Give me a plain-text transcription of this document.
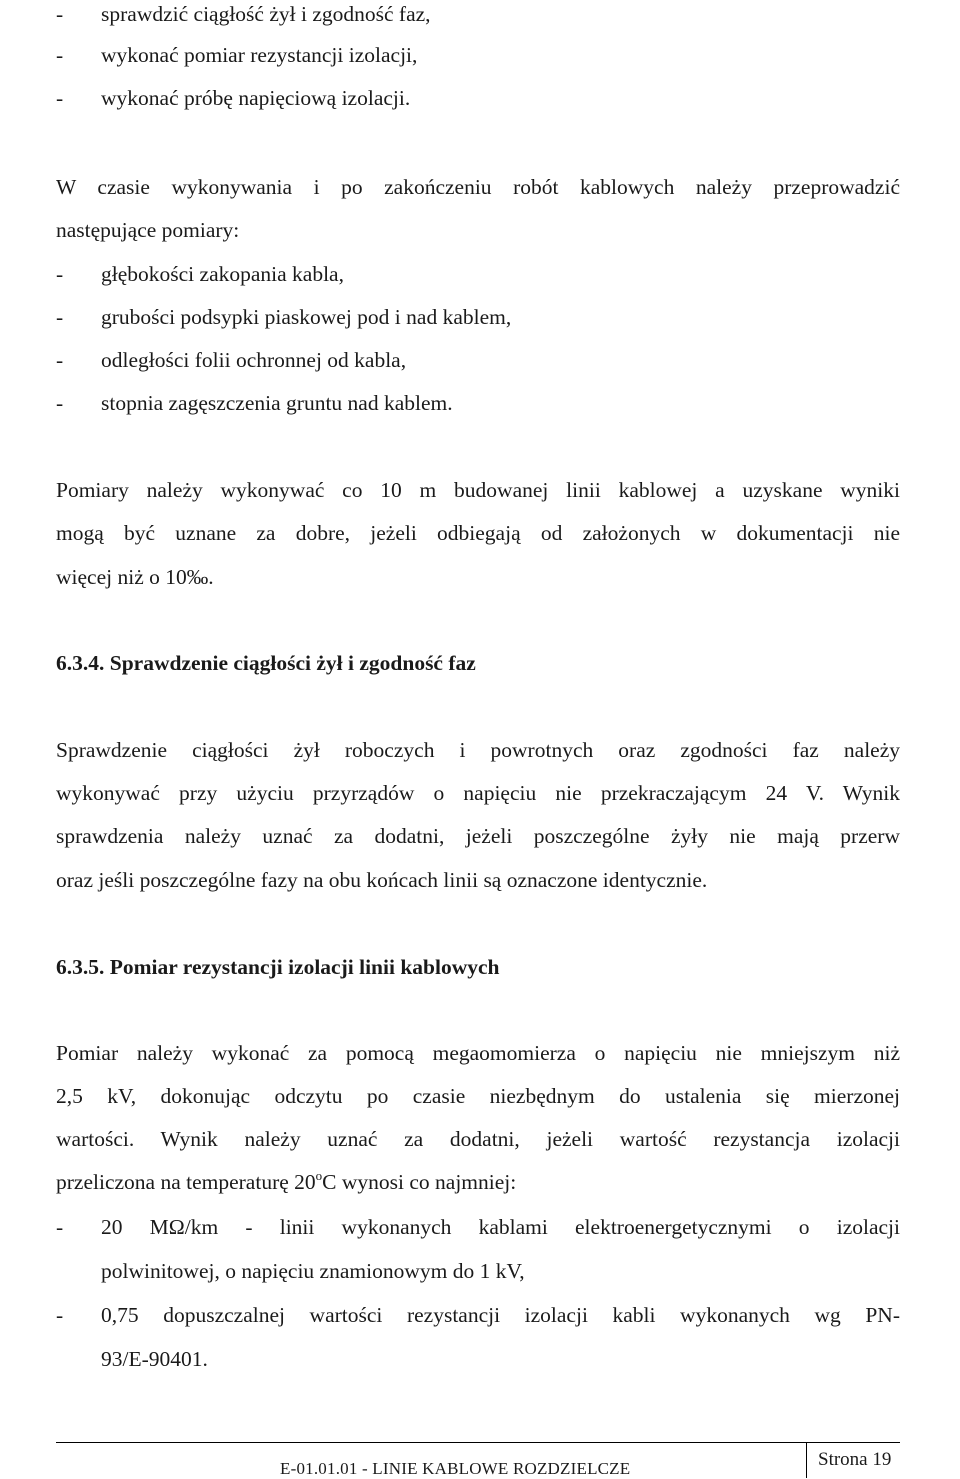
- sprawdzić ciągłość żył i zgodność faz,
- wykonać pomiar rezystancji izolacji,
- wykonać próbę napięciową izolacji.
W czasie wykonywania i po zakończeniu robót kablowych należy przeprowadzić
następujące pomiary:
- głębokości zakopania kabla,
- grubości podsypki piaskowej pod i nad kablem,
- odległości folii ochronnej od kabla,
- stopnia zagęszczenia gruntu nad kablem.
Pomiary należy wykonywać co 10 m budowanej linii kablowej a uzyskane wyniki
mogą być uznane za dobre, jeżeli odbiegają od założonych w dokumentacji nie
więcej niż o 10‰.
6.3.4. Sprawdzenie ciągłości żył i zgodność faz
Sprawdzenie ciągłości żył roboczych i powrotnych oraz zgodności faz należy
wykonywać przy użyciu przyrządów o napięciu nie przekraczającym 24 V. Wynik
sprawdzenia należy uznać za dodatni, jeżeli poszczególne żyły nie mają przerw
oraz jeśli poszczególne fazy na obu końcach linii są oznaczone identycznie.
6.3.5. Pomiar rezystancji izolacji linii kablowych
Pomiar należy wykonać za pomocą megaomomierza o napięciu nie mniejszym niż
2,5 kV, dokonując odczytu po czasie niezbędnym do ustalenia się mierzonej
wartości. Wynik należy uznać za dodatni, jeżeli wartość rezystancja izolacji
przeliczona na temperaturę 20$^o$C wynosi co najmniej:
- 20 MΩ/km - linii wykonanych kablami elektroenergetycznymi o izolacji
polwinitowej, o napięciu znamionowym do 1 kV,
- 0,75 dopuszczalnej wartości rezystancji izolacji kabli wykonanych wg PN-
93/E-90401.
E-01.01.01 - LINIE KABLOWE ROZDZIELCZE	Strona 19
